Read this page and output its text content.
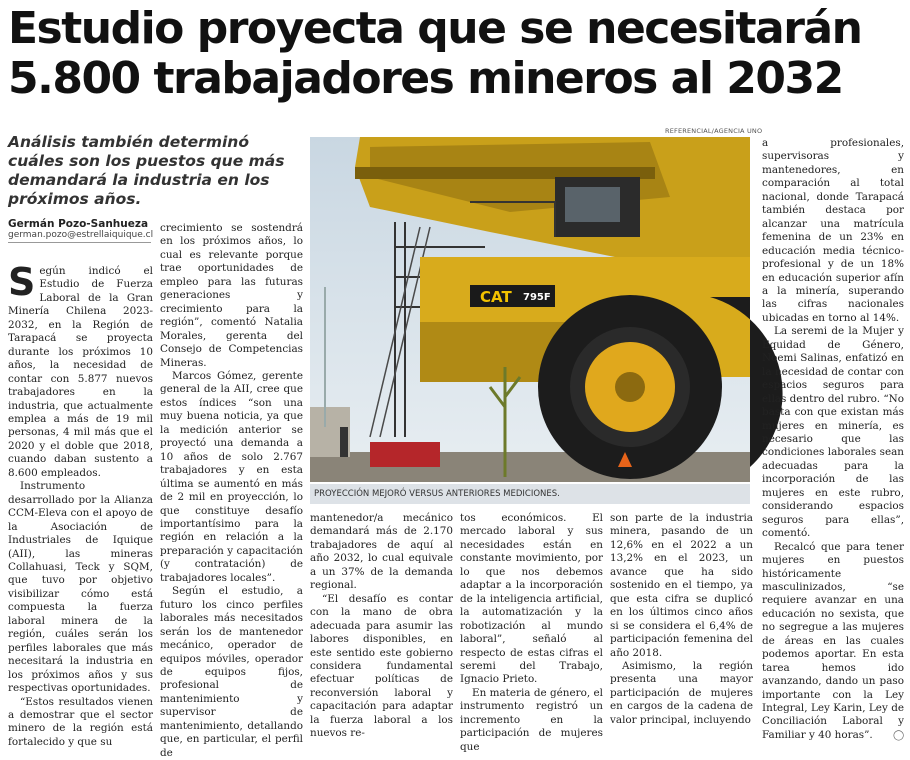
Estudio proyecta que se necesitarán 5.800 trabajadores mineros al 2032

Análisis también determinó cuáles son los puestos que más demandará la industria en los próximos años.

Germán Pozo-Sanhueza
german.pozo@estrellaiquique.cl
REFERENCIAL/AGENCIA UNO
CAT 795F
PROYECCIÓN MEJORÓ VERSUS ANTERIORES MEDICIONES.

Según indicó el Estudio de Fuerza Laboral de la Gran Minería Chilena 2023-2032, en la Región de Tarapacá se proyecta durante los próximos 10 años, la necesidad de contar con 5.877 nuevos trabajadores en la industria, que actualmente emplea a más de 19 mil personas, 4 mil más que el 2020 y el doble que 2018, cuando daban sustento a 8.600 empleados.

Instrumento desarrollado por la Alianza CCM-Eleva con el apoyo de la Asociación de Industriales de Iquique (AII), las mineras Collahuasi, Teck y SQM, que tuvo por objetivo visibilizar cómo está compuesta la fuerza laboral minera de la región, cuáles serán los perfiles laborales que más necesitará la industria en los próximos años y sus respectivas oportunidades.

“Estos resultados vienen a demostrar que el sector minero de la región está fortalecido y que su

crecimiento se sostendrá en los próximos años, lo cual es relevante porque trae oportunidades de empleo para las futuras generaciones y crecimiento para la región”, comentó Natalia Morales, gerenta del Consejo de Competencias Mineras.

Marcos Gómez, gerente general de la AII, cree que estos índices “son una muy buena noticia, ya que la medición anterior se proyectó una demanda a 10 años de solo 2.767 trabajadores y en esta última se aumentó en más de 2 mil en proyección, lo que constituye desafío importantísimo para la región en relación a la preparación y capacitación (y contratación) de trabajadores locales”.

Según el estudio, a futuro los cinco perfiles laborales más necesitados serán los de mantenedor mecánico, operador de equipos móviles, operador de equipos fijos, profesional de mantenimiento y supervisor de mantenimiento, detallando que, en particular, el perfil de

mantenedor/a mecánico demandará más de 2.170 trabajadores de aquí al año 2032, lo cual equivale a un 37% de la demanda regional.

“El desafío es contar con la mano de obra adecuada para asumir las labores disponibles, en este sentido este gobierno considera fundamental efectuar políticas de reconversión laboral y capacitación para adaptar la fuerza laboral a los nuevos re-

tos económicos. El mercado laboral y sus necesidades están en constante movimiento, por lo que nos debemos adaptar a la incorporación de la inteligencia artificial, la automatización y la robotización al mundo laboral”, señaló al respecto de estas cifras el seremi del Trabajo, Ignacio Prieto.

En materia de género, el instrumento registró un incremento en la participación de mujeres que

son parte de la industria minera, pasando de un 12,6% en el 2022 a un 13,2% en el 2023, un avance que ha sido sostenido en el tiempo, ya que esta cifra se duplicó en los últimos cinco años si se considera el 6,4% de participación femenina del año 2018.

Asimismo, la región presenta una mayor participación de mujeres en cargos de la cadena de valor principal, incluyendo

a profesionales, supervisoras y mantenedores, en comparación al total nacional, donde Tarapacá también destaca por alcanzar una matrícula femenina de un 23% en educación media técnico-profesional y de un 18% en educación superior afín a la minería, superando las cifras nacionales ubicadas en torno al 14%.

La seremi de la Mujer y Equidad de Género, Noemi Salinas, enfatizó en la necesidad de contar con espacios seguros para ellas dentro del rubro. “No basta con que existan más mujeres en minería, es necesario que las condiciones laborales sean adecuadas para la incorporación de las mujeres en este rubro, considerando espacios seguros para ellas”, comentó.

Recalcó que para tener mujeres en puestos históricamente masculinizados, “se requiere avanzar en una educación no sexista, que no segregue a las mujeres de áreas en las cuales podemos aportar. En esta tarea hemos ido avanzando, dando un paso importante con la Ley Integral, Ley Karin, Ley de Conciliación Laboral y Familiar y 40 horas”.	◯
